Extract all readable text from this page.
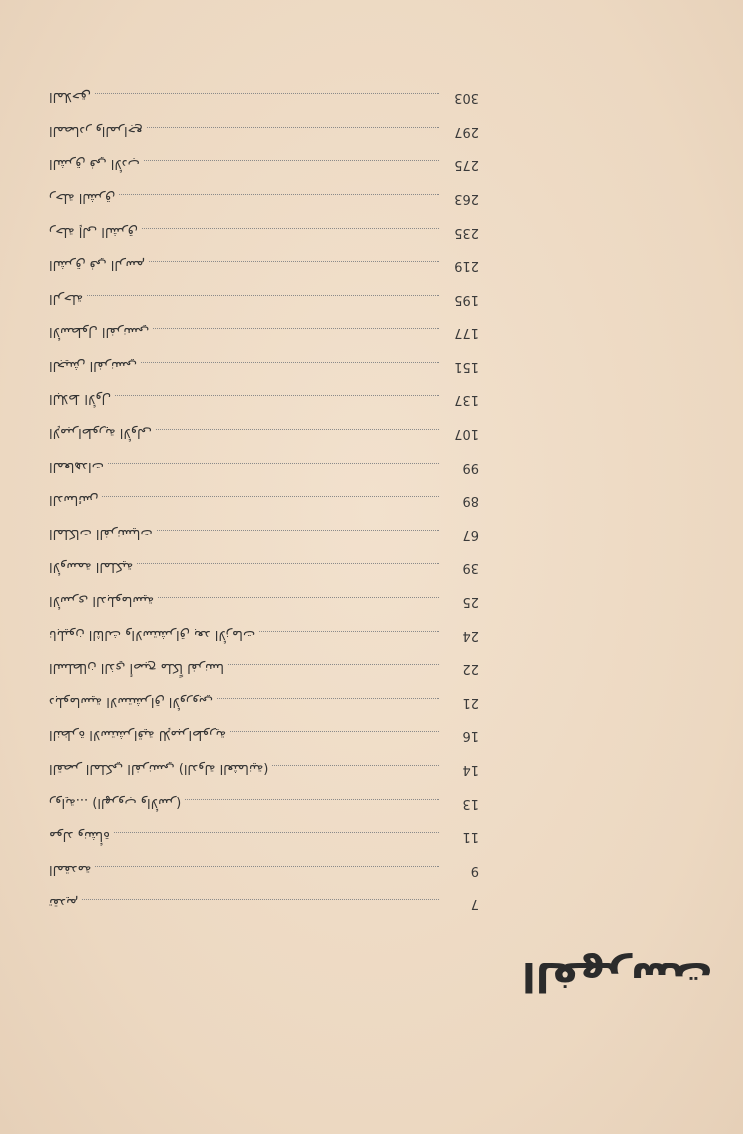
الفهرست
7
تقديم
9
المقدمة
11
مولد ونشأة
13
رواية... (الهروب والأسر)
14
القصر الملكي الفرنسي (الدولة العثمانية)
16
النظرة الاستشراقية للإمبراطورية
21
دبلوماسية الاستشراق الأوروبي
22
السلطان الذي أصبح ملكاً لفرنسا
24
نابليون الثالث والاستشراق بعد الأزمات
25
الأسرى الدبلوماسية
39
الأوسمة الملكية
67
الملكات الفرنسيات
89
الدسائس
99
المعاهدات
107
الإمبراطورية الأولى
137
البلاط الأول
151
الجيش الفرنسي
177
الأسطول الفرنسي
195
الرحلة
219
الشرق في الرسم
235
رحلة إلى الشرق
263
رحلة الشرق
275
الشرق في الأدب
297
المصادر والمراجع
303
الملاحق
